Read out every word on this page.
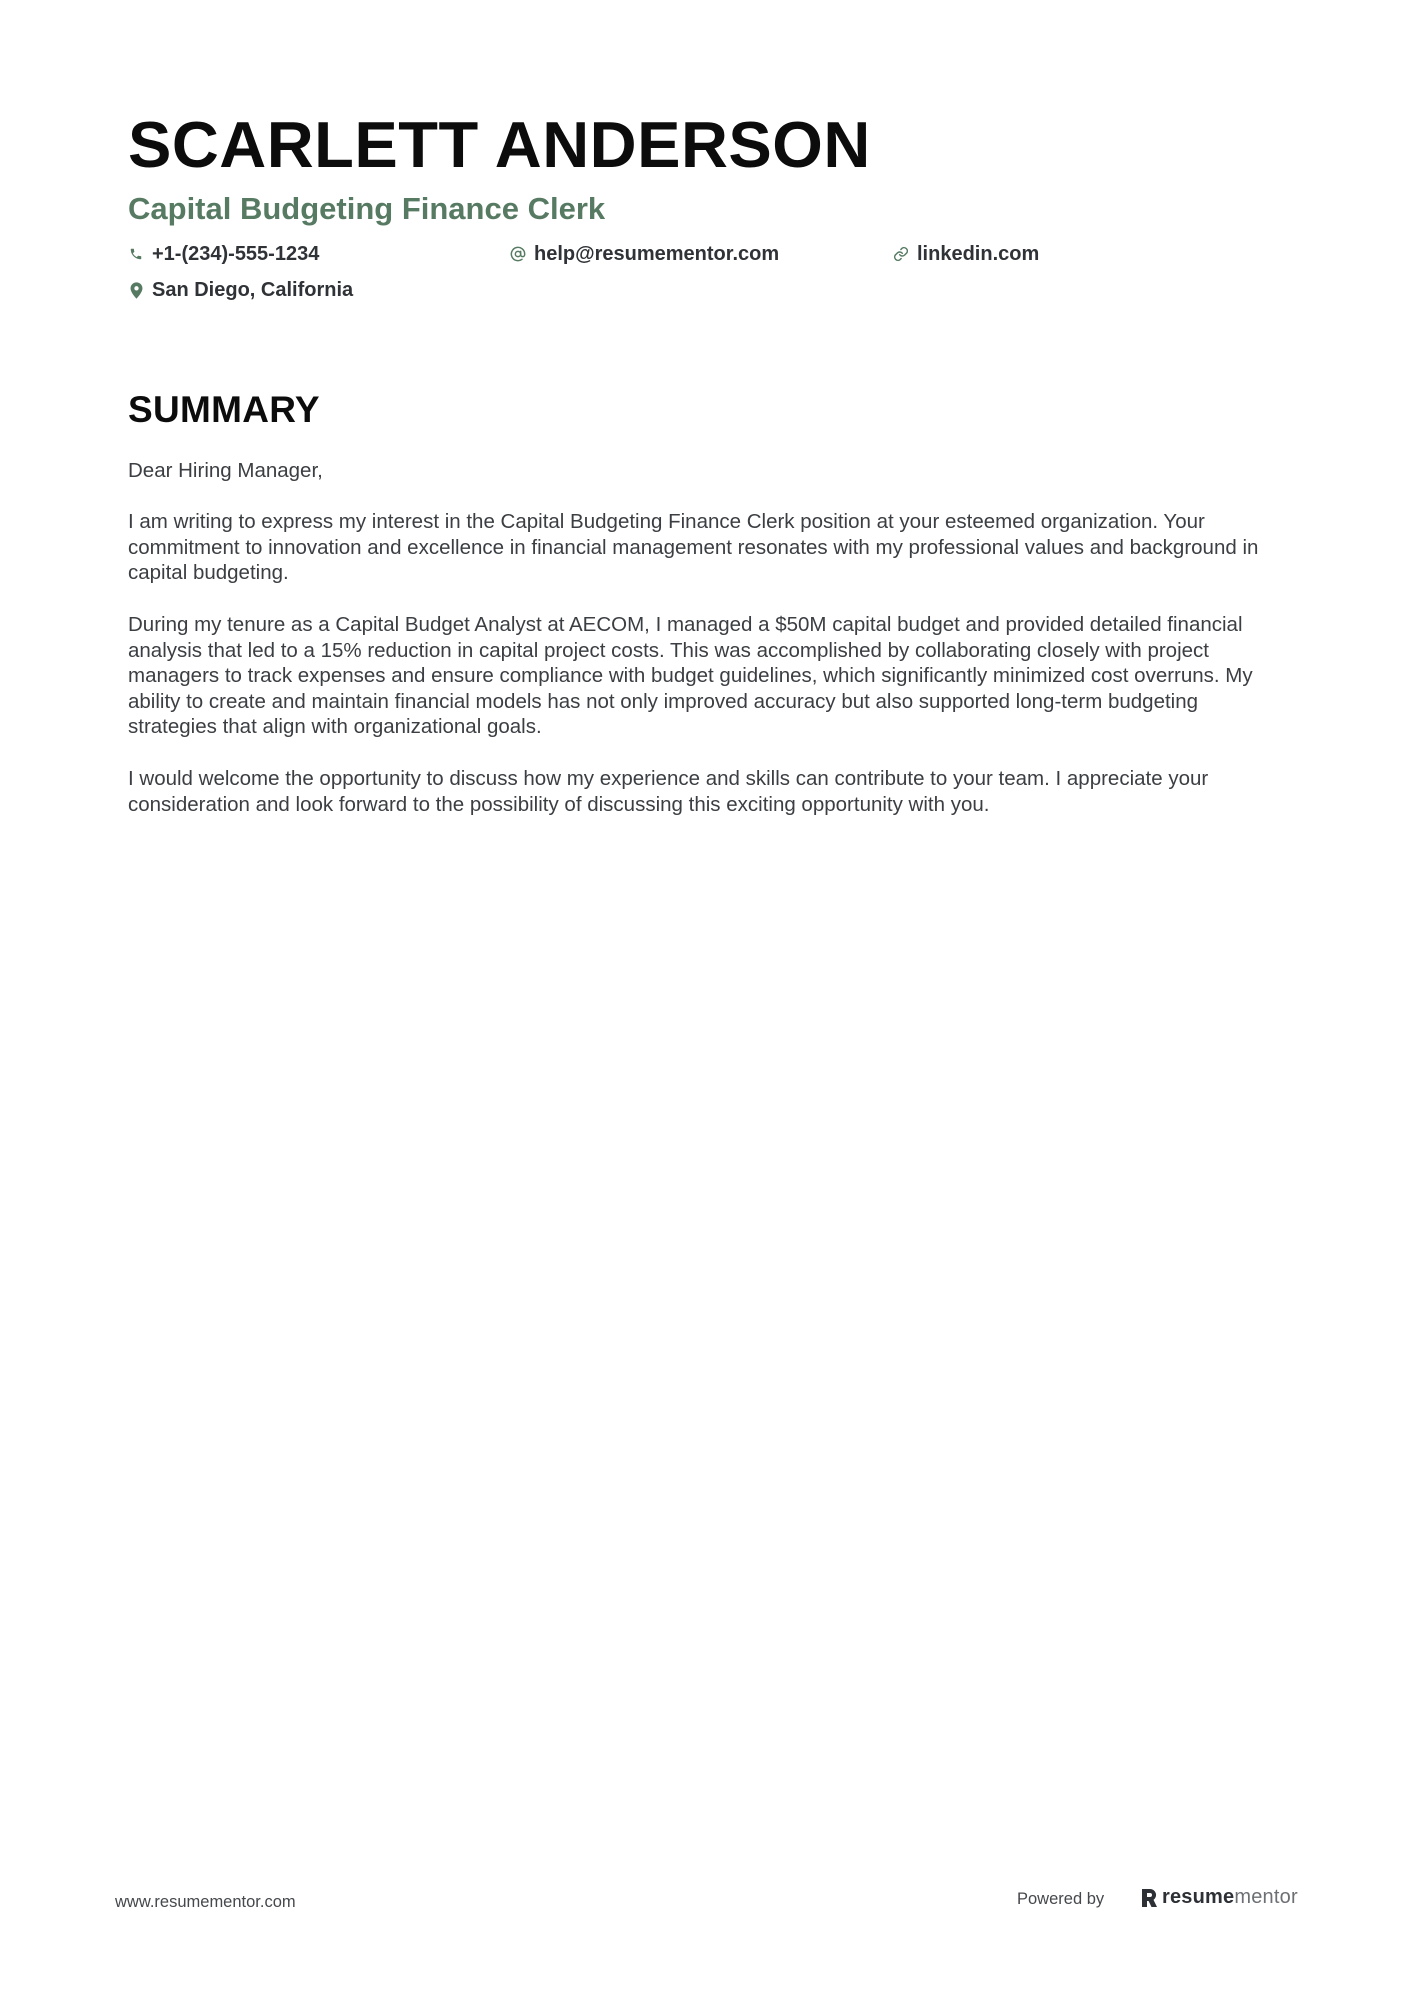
SCARLETT ANDERSON
Capital Budgeting Finance Clerk
+1-(234)-555-1234	help@resumementor.com	linkedin.com
San Diego, California
SUMMARY

Dear Hiring Manager,

I am writing to express my interest in the Capital Budgeting Finance Clerk position at your esteemed organization. Your commitment to innovation and excellence in financial management resonates with my professional values and background in capital budgeting.

During my tenure as a Capital Budget Analyst at AECOM, I managed a $50M capital budget and provided detailed financial analysis that led to a 15% reduction in capital project costs. This was accomplished by collaborating closely with project managers to track expenses and ensure compliance with budget guidelines, which significantly minimized cost overruns. My ability to create and maintain financial models has not only improved accuracy but also supported long-term budgeting strategies that align with organizational goals.

I would welcome the opportunity to discuss how my experience and skills can contribute to your team. I appreciate your consideration and look forward to the possibility of discussing this exciting opportunity with you.

www.resumementor.com	Powered by	resumementor
